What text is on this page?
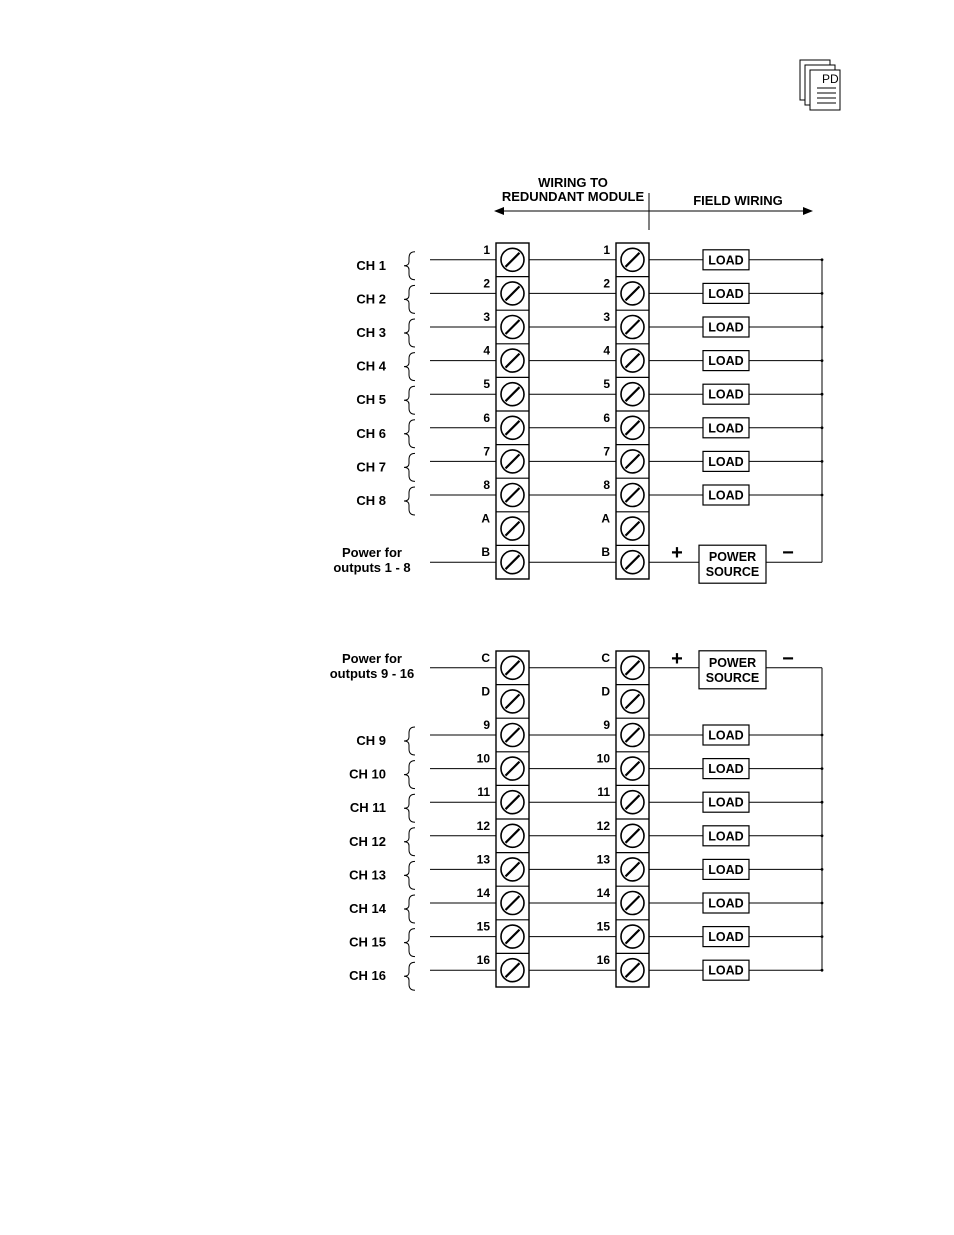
PD
WIRING TO
REDUNDANT MODULE	FIELD WIRING
1	1
CH 1	LOAD
2	2
CH 2	LOAD
3	3
CH 3	LOAD
4	4
CH 4	LOAD
5	5
CH 5	LOAD
6	6
CH 6	LOAD
7	7
CH 7	LOAD
8	8
CH 8	LOAD
A	A
B	B
Power for
outputs 1 - 8
POWER
SOURCE
+	−
C	C
Power for
outputs 9 - 16
D	D
9	9
CH 9	LOAD
10	10
CH 10	LOAD
11	11
CH 11	LOAD
12	12
CH 12	LOAD
13	13
CH 13	LOAD
14	14
CH 14	LOAD
15	15
CH 15	LOAD
16	16
CH 16	LOAD
POWER
SOURCE
+	−
